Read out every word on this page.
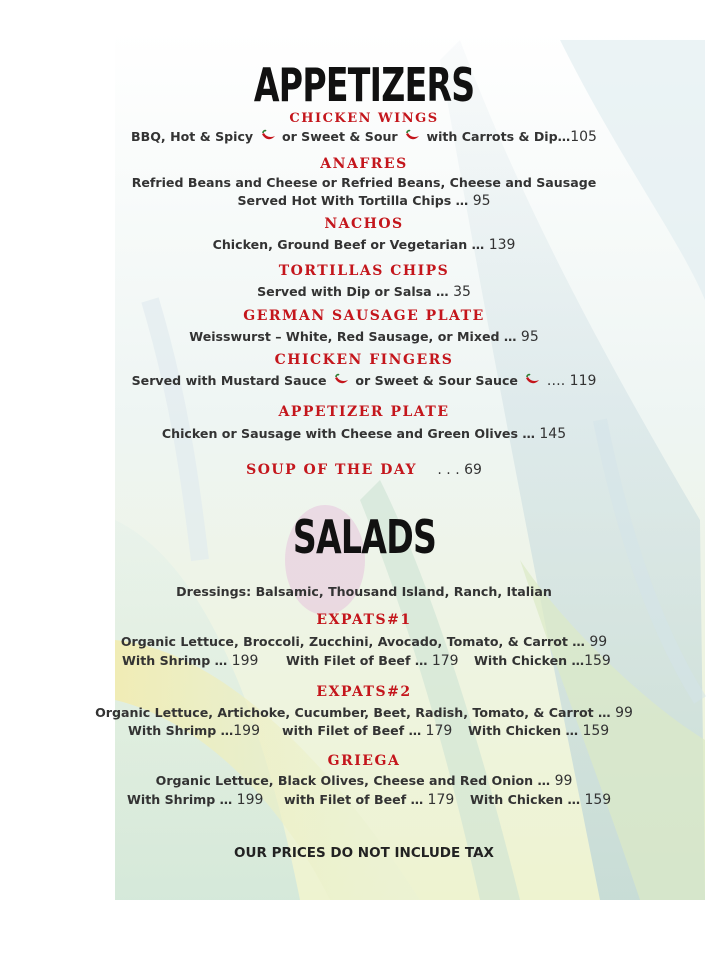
APPETIZERS
CHICKEN WINGS
BBQ, Hot & Spicy or Sweet & Sour with Carrots & Dip…105
ANAFRES
Refried Beans and Cheese or Refried Beans, Cheese and Sausage
Served Hot With Tortilla Chips … 95
NACHOS
Chicken, Ground Beef or Vegetarian … 139
TORTILLAS CHIPS
Served with Dip or Salsa … 35
GERMAN SAUSAGE PLATE
Weisswurst – White, Red Sausage, or Mixed … 95
CHICKEN FINGERS
Served with Mustard Sauce or Sweet & Sour Sauce …. 119
APPETIZER PLATE
Chicken or Sausage with Cheese and Green Olives … 145
SOUP OF THE DAY . . . 69
SALADS
Dressings: Balsamic, Thousand Island, Ranch, Italian
EXPATS#1
Organic Lettuce, Broccoli, Zucchini, Avocado, Tomato, & Carrot … 99
With Shrimp … 199 With Filet of Beef … 179 With Chicken …159
EXPATS#2
Organic Lettuce, Artichoke, Cucumber, Beet, Radish, Tomato, & Carrot … 99
With Shrimp …199 with Filet of Beef … 179 With Chicken … 159
GRIEGA
Organic Lettuce, Black Olives, Cheese and Red Onion … 99
With Shrimp … 199 with Filet of Beef … 179 With Chicken … 159
OUR PRICES DO NOT INCLUDE TAX
